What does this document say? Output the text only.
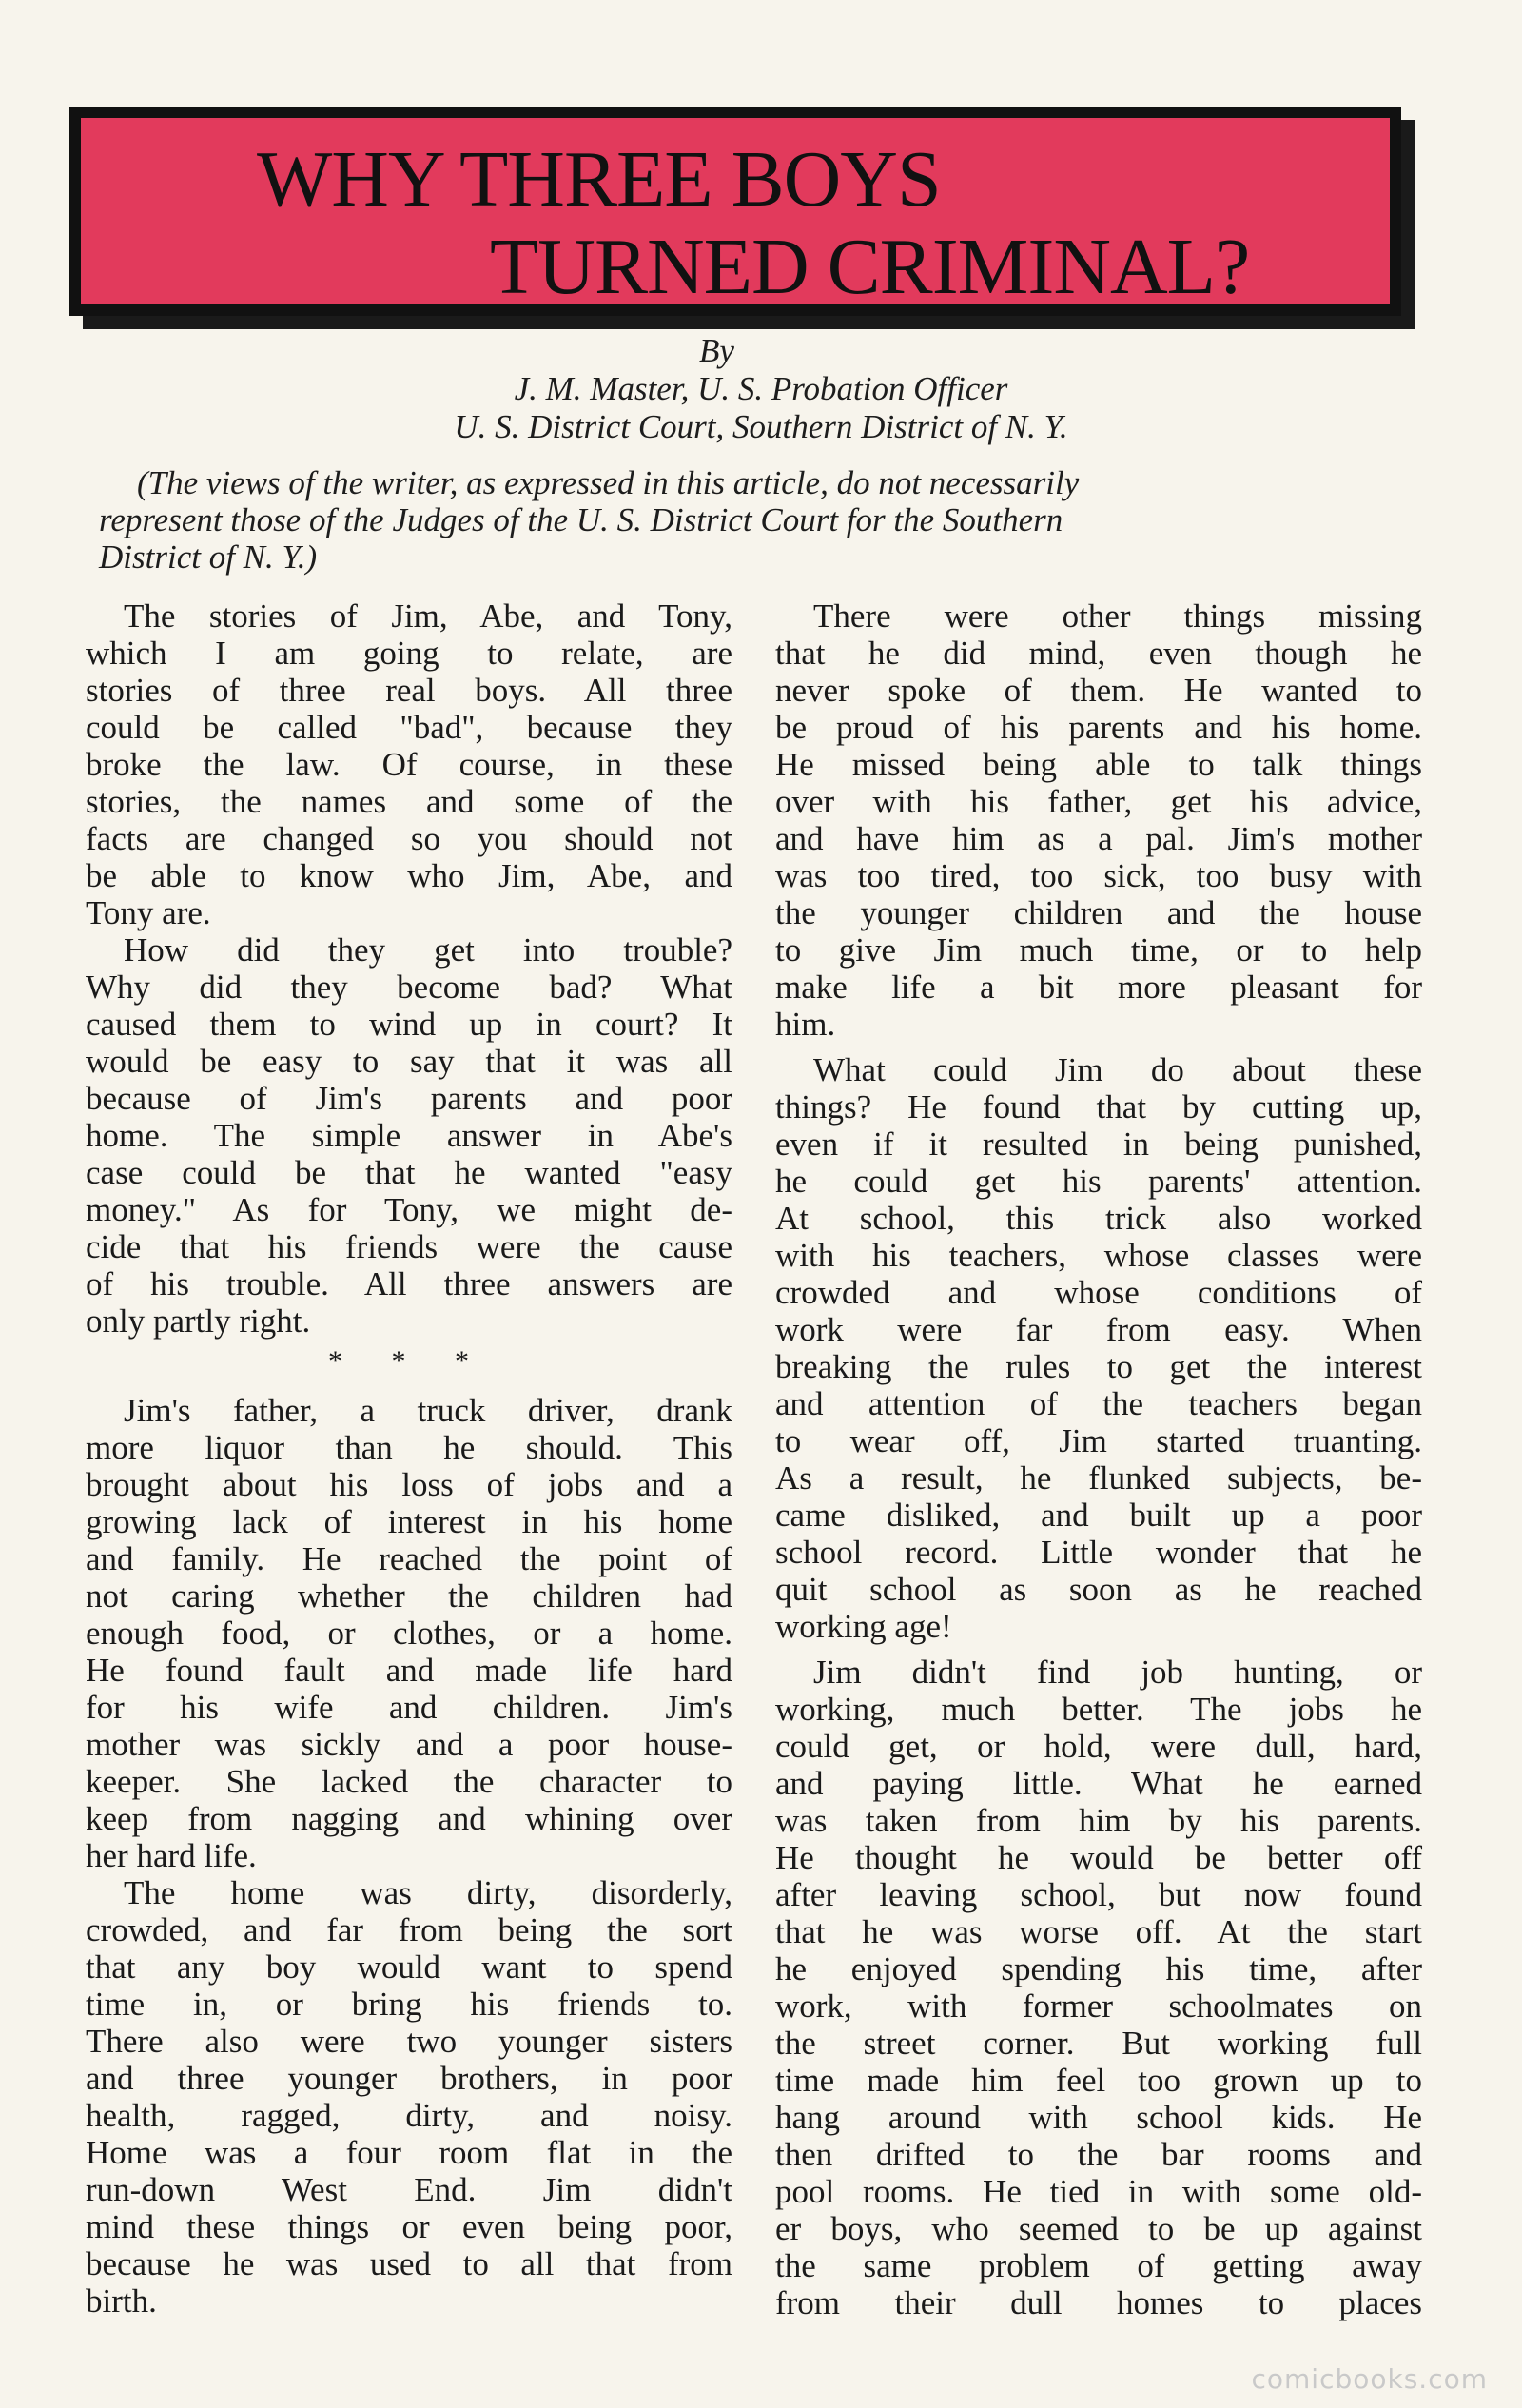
WHY THREE BOYS
TURNED CRIMINAL?
By
J. M. Master, U. S. Probation Officer
U. S. District Court, Southern District of N. Y.

(The views of the writer, as expressed in this article, do not necessarily

represent those of the Judges of the U. S. District Court for the Southern

District of N. Y.)

The stories of Jim, Abe, and Tony,

which I am going to relate, are

stories of three real boys. All three

could be called "bad", because they

broke the law. Of course, in these

stories, the names and some of the

facts are changed so you should not

be able to know who Jim, Abe, and

Tony are.

How did they get into trouble?

Why did they become bad? What

caused them to wind up in court? It

would be easy to say that it was all

because of Jim's parents and poor

home. The simple answer in Abe's

case could be that he wanted "easy

money." As for Tony, we might de-

cide that his friends were the cause

of his trouble. All three answers are

only partly right.

* * *

Jim's father, a truck driver, drank

more liquor than he should. This

brought about his loss of jobs and a

growing lack of interest in his home

and family. He reached the point of

not caring whether the children had

enough food, or clothes, or a home.

He found fault and made life hard

for his wife and children. Jim's

mother was sickly and a poor house-

keeper. She lacked the character to

keep from nagging and whining over

her hard life.

The home was dirty, disorderly,

crowded, and far from being the sort

that any boy would want to spend

time in, or bring his friends to.

There also were two younger sisters

and three younger brothers, in poor

health, ragged, dirty, and noisy.

Home was a four room flat in the

run-down West End. Jim didn't

mind these things or even being poor,

because he was used to all that from

birth.

There were other things missing

that he did mind, even though he

never spoke of them. He wanted to

be proud of his parents and his home.

He missed being able to talk things

over with his father, get his advice,

and have him as a pal. Jim's mother

was too tired, too sick, too busy with

the younger children and the house

to give Jim much time, or to help

make life a bit more pleasant for

him.

What could Jim do about these

things? He found that by cutting up,

even if it resulted in being punished,

he could get his parents' attention.

At school, this trick also worked

with his teachers, whose classes were

crowded and whose conditions of

work were far from easy. When

breaking the rules to get the interest

and attention of the teachers began

to wear off, Jim started truanting.

As a result, he flunked subjects, be-

came disliked, and built up a poor

school record. Little wonder that he

quit school as soon as he reached

working age!

Jim didn't find job hunting, or

working, much better. The jobs he

could get, or hold, were dull, hard,

and paying little. What he earned

was taken from him by his parents.

He thought he would be better off

after leaving school, but now found

that he was worse off. At the start

he enjoyed spending his time, after

work, with former schoolmates on

the street corner. But working full

time made him feel too grown up to

hang around with school kids. He

then drifted to the bar rooms and

pool rooms. He tied in with some old-

er boys, who seemed to be up against

the same problem of getting away

from their dull homes to places

comicbooks.com
